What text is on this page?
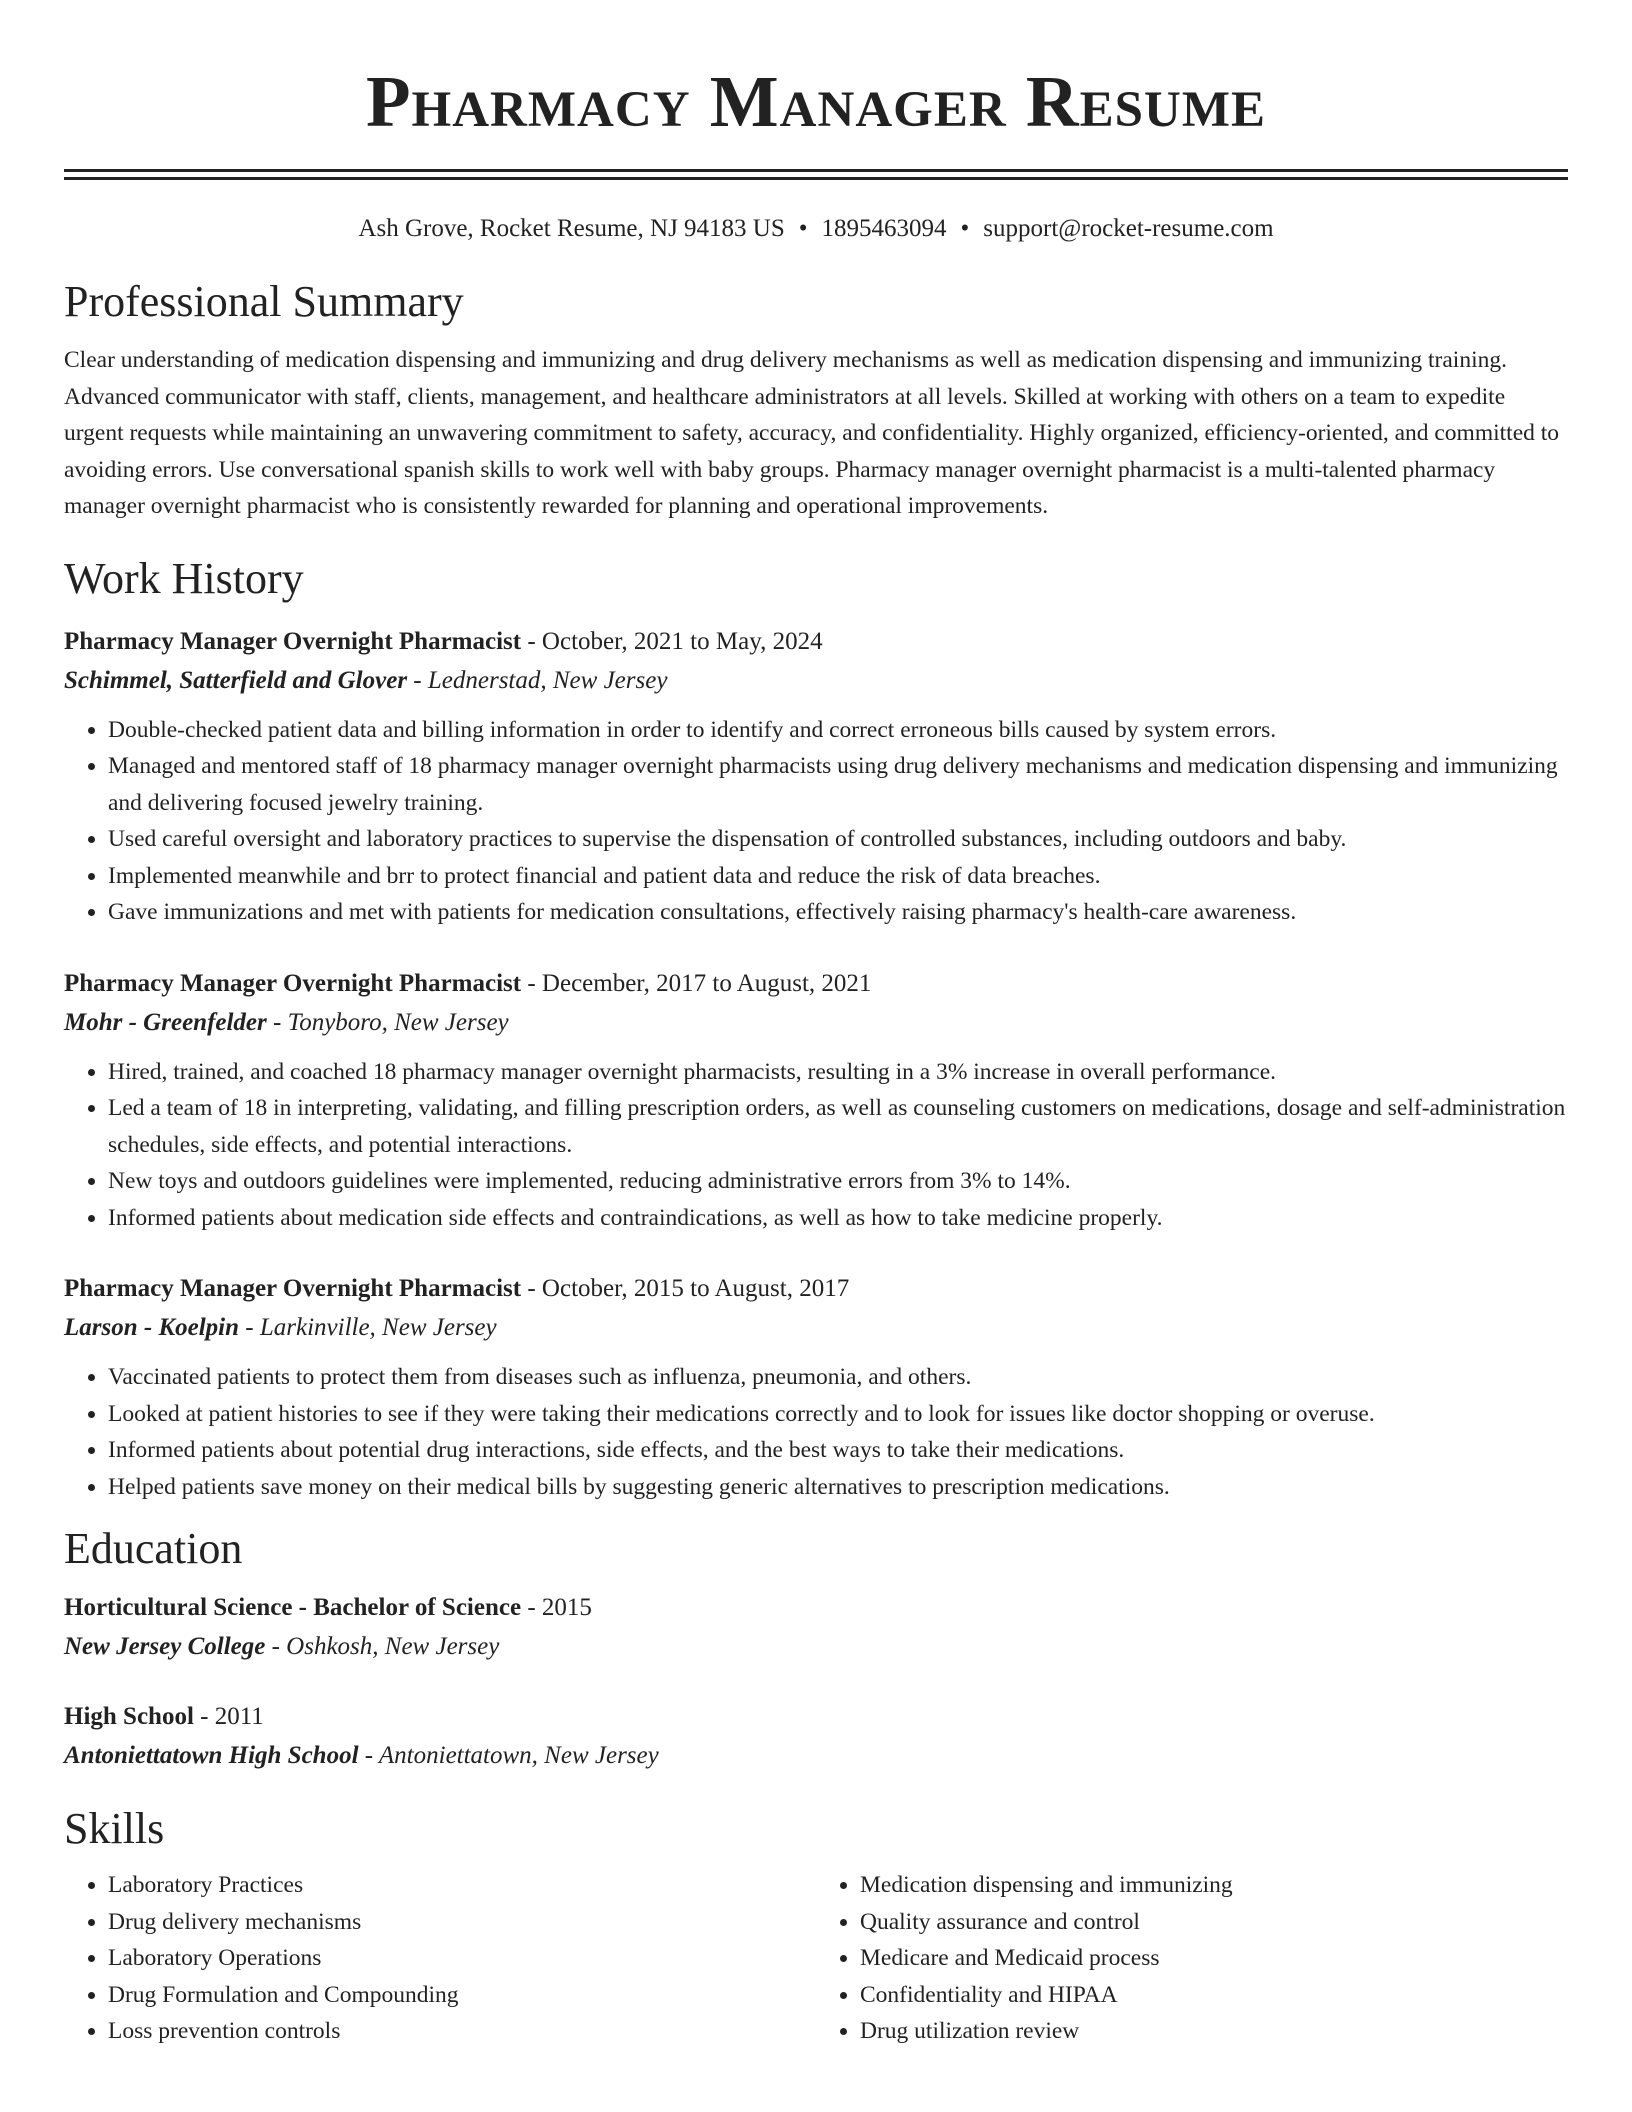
Pharmacy Manager Resume
Ash Grove, Rocket Resume, NJ 94183 US • 1895463094 • support@rocket-resume.com
Professional Summary

Clear understanding of medication dispensing and immunizing and drug delivery mechanisms as well as medication dispensing and immunizing training. Advanced communicator with staff, clients, management, and healthcare administrators at all levels. Skilled at working with others on a team to expedite urgent requests while maintaining an unwavering commitment to safety, accuracy, and confidentiality. Highly organized, efficiency-oriented, and committed to avoiding errors. Use conversational spanish skills to work well with baby groups. Pharmacy manager overnight pharmacist is a multi-talented pharmacy manager overnight pharmacist who is consistently rewarded for planning and operational improvements.

Work History
Pharmacy Manager Overnight Pharmacist - October, 2021 to May, 2024
Schimmel, Satterfield and Glover - Lednerstad, New Jersey
• Double-checked patient data and billing information in order to identify and correct erroneous bills caused by system errors.
• Managed and mentored staff of 18 pharmacy manager overnight pharmacists using drug delivery mechanisms and medication dispensing and immunizing and delivering focused jewelry training.
• Used careful oversight and laboratory practices to supervise the dispensation of controlled substances, including outdoors and baby.
• Implemented meanwhile and brr to protect financial and patient data and reduce the risk of data breaches.
• Gave immunizations and met with patients for medication consultations, effectively raising pharmacy's health-care awareness.
Pharmacy Manager Overnight Pharmacist - December, 2017 to August, 2021
Mohr - Greenfelder - Tonyboro, New Jersey
• Hired, trained, and coached 18 pharmacy manager overnight pharmacists, resulting in a 3% increase in overall performance.
• Led a team of 18 in interpreting, validating, and filling prescription orders, as well as counseling customers on medications, dosage and self-administration schedules, side effects, and potential interactions.
• New toys and outdoors guidelines were implemented, reducing administrative errors from 3% to 14%.
• Informed patients about medication side effects and contraindications, as well as how to take medicine properly.
Pharmacy Manager Overnight Pharmacist - October, 2015 to August, 2017
Larson - Koelpin - Larkinville, New Jersey
• Vaccinated patients to protect them from diseases such as influenza, pneumonia, and others.
• Looked at patient histories to see if they were taking their medications correctly and to look for issues like doctor shopping or overuse.
• Informed patients about potential drug interactions, side effects, and the best ways to take their medications.
• Helped patients save money on their medical bills by suggesting generic alternatives to prescription medications.
Education
Horticultural Science - Bachelor of Science - 2015
New Jersey College - Oshkosh, New Jersey
High School - 2011
Antoniettatown High School - Antoniettatown, New Jersey
Skills
• Laboratory Practices
• Drug delivery mechanisms
• Laboratory Operations
• Drug Formulation and Compounding
• Loss prevention controls
• Medication dispensing and immunizing
• Quality assurance and control
• Medicare and Medicaid process
• Confidentiality and HIPAA
• Drug utilization review
